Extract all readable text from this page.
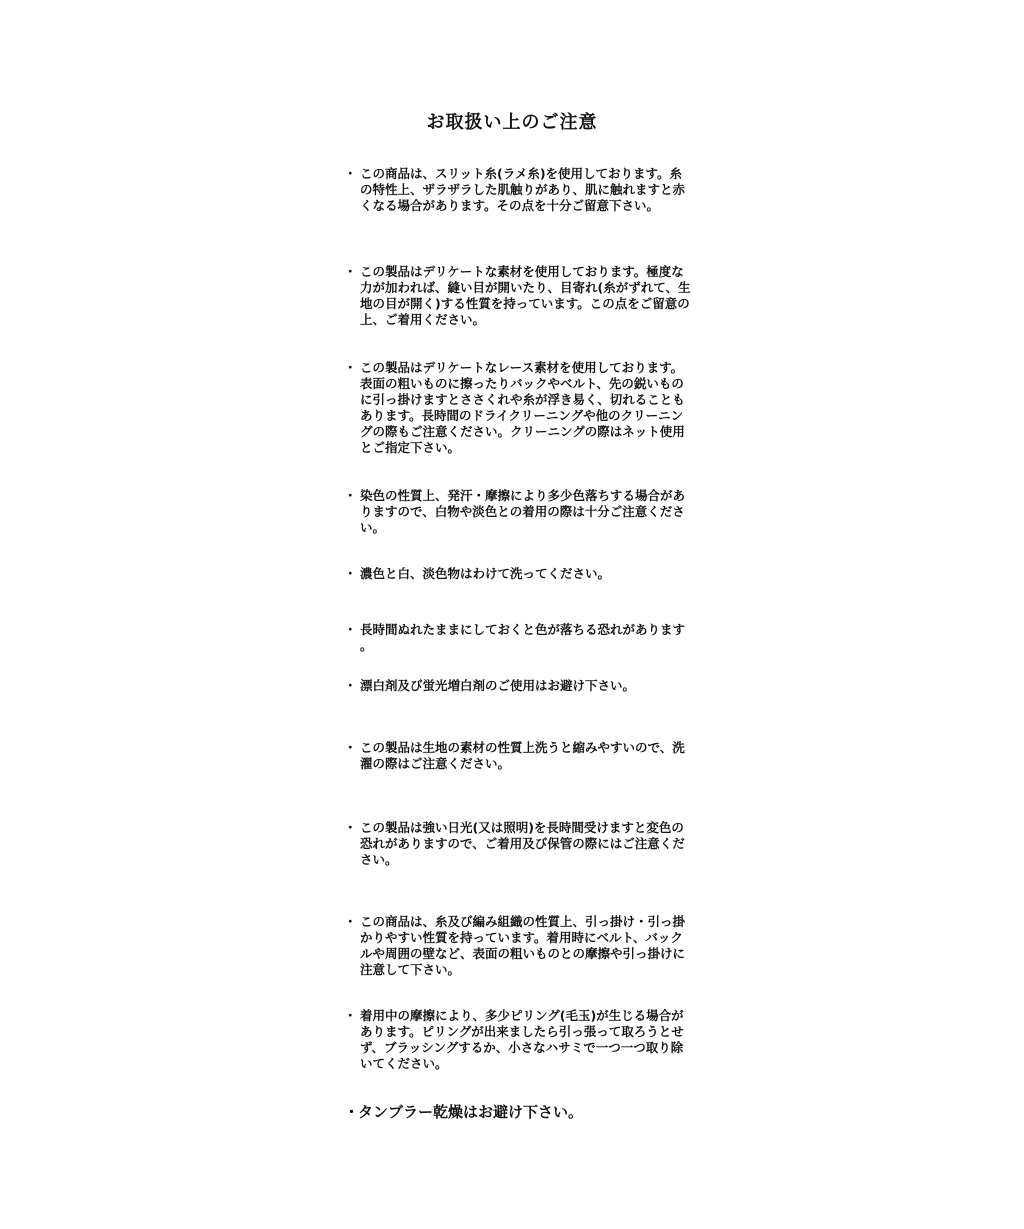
お取扱い上のご注意
・ この商品は、スリット糸(ラメ糸)を使用しております。糸の特性上、ザラザラした肌触りがあり、肌に触れますと赤くなる場合があります。その点を十分ご留意下さい。
・ この製品はデリケートな素材を使用しております。極度な力が加われば、縫い目が開いたり、目寄れ(糸がずれて、生地の目が開く)する性質を持っています。この点をご留意の上、ご着用ください。
・ この製品はデリケートなレース素材を使用しております。表面の粗いものに擦ったりバックやベルト、先の鋭いものに引っ掛けますとささくれや糸が浮き易く、切れることもあります。長時間のドライクリーニングや他のクリーニングの際もご注意ください。クリーニングの際はネット使用とご指定下さい。
・ 染色の性質上、発汗・摩擦により多少色落ちする場合がありますので、白物や淡色との着用の際は十分ご注意ください。
・ 濃色と白、淡色物はわけて洗ってください。
・ 長時間ぬれたままにしておくと色が落ちる恐れがあります。
・ 漂白剤及び蛍光増白剤のご使用はお避け下さい。
・ この製品は生地の素材の性質上洗うと縮みやすいので、洗濯の際はご注意ください。
・ この製品は強い日光(又は照明)を長時間受けますと変色の恐れがありますので、ご着用及び保管の際にはご注意ください。
・ この商品は、糸及び編み組織の性質上、引っ掛け・引っ掛かりやすい性質を持っています。着用時にベルト、バックルや周囲の壁など、表面の粗いものとの摩擦や引っ掛けに注意して下さい。
・ 着用中の摩擦により、多少ピリング(毛玉)が生じる場合があります。ピリングが出来ましたら引っ張って取ろうとせず、ブラッシングするか、小さなハサミで一つ一つ取り除いてください。
・
タンブラー乾燥はお避け下さい。
